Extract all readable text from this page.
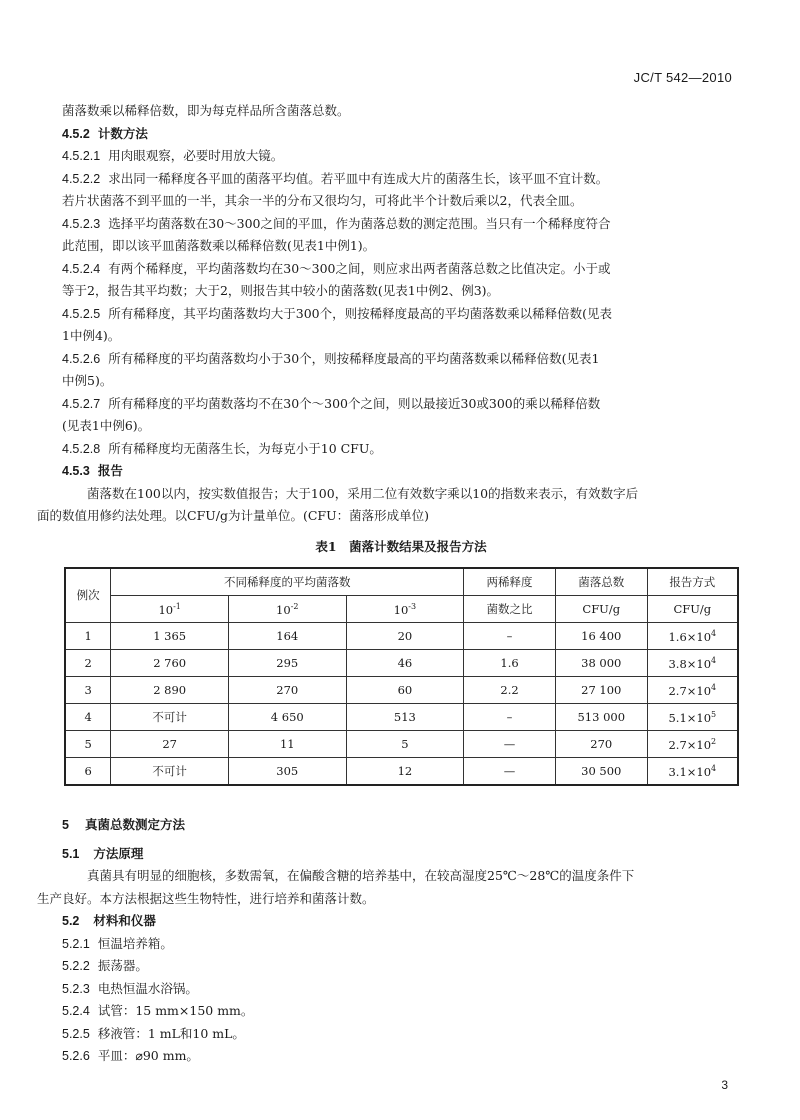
JC/T 542—2010

菌落数乘以稀释倍数，即为每克样品所含菌落总数。

4.5.2 计数方法

4.5.2.1 用肉眼观察，必要时用放大镜。

4.5.2.2 求出同一稀释度各平皿的菌落平均值。若平皿中有连成大片的菌落生长，该平皿不宜计数。
若片状菌落不到平皿的一半，其余一半的分布又很均匀，可将此半个计数后乘以2，代表全皿。

4.5.2.3 选择平均菌落数在30～300之间的平皿，作为菌落总数的测定范围。当只有一个稀释度符合
此范围，即以该平皿菌落数乘以稀释倍数(见表1中例1)。

4.5.2.4 有两个稀释度，平均菌落数均在30～300之间，则应求出两者菌落总数之比值决定。小于或
等于2，报告其平均数；大于2，则报告其中较小的菌落数(见表1中例2、例3)。

4.5.2.5 所有稀释度，其平均菌落数均大于300个，则按稀释度最高的平均菌落数乘以稀释倍数(见表
1中例4)。

4.5.2.6 所有稀释度的平均菌落数均小于30个，则按稀释度最高的平均菌落数乘以稀释倍数(见表1
中例5)。

4.5.2.7 所有稀释度的平均菌数落均不在30个～300个之间，则以最接近30或300的乘以稀释倍数
(见表1中例6)。

4.5.2.8 所有稀释度均无菌落生长，为每克小于10 CFU。

4.5.3 报告

菌落数在100以内，按实数值报告；大于100，采用二位有效数字乘以10的指数来表示，有效数字后
面的数值用修约法处理。以CFU/g为计量单位。(CFU：菌落形成单位)

表1　菌落计数结果及报告方法
例次	不同稀释度的平均菌落数			两稀释度	菌落总数	报告方式
	$10^{-1}$	$10^{-2}$	$10^{-3}$	菌数之比	CFU/g	CFU/g
1	1 365	164	20	–	16 400	$1.6\times 10^4$
2	2 760	295	46	1.6	38 000	$3.8\times 10^4$
3	2 890	270	60	2.2	27 100	$2.7\times 10^4$
4	不可计	4 650	513	–	513 000	$5.1\times 10^5$
5	27	11	5	—	270	$2.7\times 10^2$
6	不可计	305	12	—	30 500	$3.1\times 10^4$

5 真菌总数测定方法

5.1 方法原理

真菌具有明显的细胞核，多数需氧，在偏酸含糖的培养基中，在较高湿度25℃～28℃的温度条件下
生产良好。本方法根据这些生物特性，进行培养和菌落计数。

5.2 材料和仪器

5.2.1 恒温培养箱。

5.2.2 振荡器。

5.2.3 电热恒温水浴锅。

5.2.4 试管：15 mm×150 mm。

5.2.5 移液管：1 mL和10 mL。

5.2.6 平皿：⌀90 mm。

3
